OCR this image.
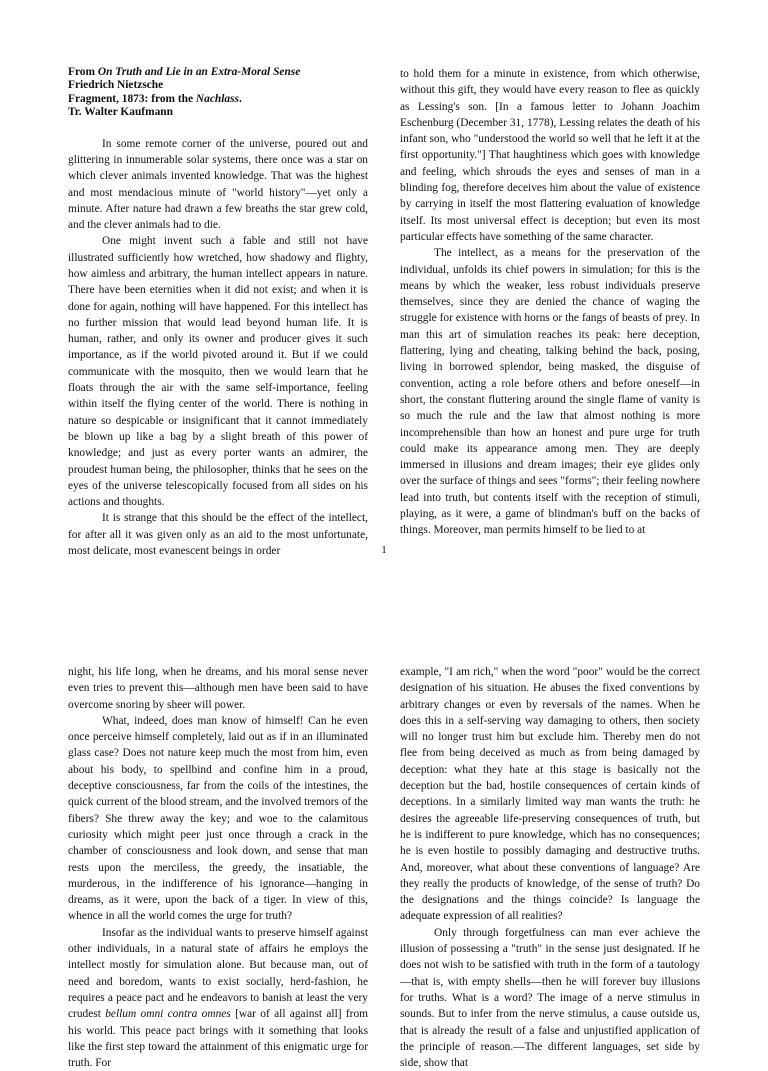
From On Truth and Lie in an Extra-Moral Sense
Friedrich Nietzsche
Fragment, 1873: from the Nachlass.
Tr. Walter Kaufmann

In some remote corner of the universe, poured out and glittering in innumerable solar systems, there once was a star on which clever animals invented knowledge. That was the highest and most mendacious minute of "world history"—yet only a minute. After nature had drawn a few breaths the star grew cold, and the clever animals had to die.

One might invent such a fable and still not have illustrated sufficiently how wretched, how shadowy and flighty, how aimless and arbitrary, the human intellect appears in nature. There have been eternities when it did not exist; and when it is done for again, nothing will have happened. For this intellect has no further mission that would lead beyond human life. It is human, rather, and only its owner and producer gives it such importance, as if the world pivoted around it. But if we could communicate with the mosquito, then we would learn that he floats through the air with the same self-importance, feeling within itself the flying center of the world. There is nothing in nature so despicable or insignificant that it cannot immediately be blown up like a bag by a slight breath of this power of knowledge; and just as every porter wants an admirer, the proudest human being, the philosopher, thinks that he sees on the eyes of the universe telescopically focused from all sides on his actions and thoughts.

It is strange that this should be the effect of the intellect, for after all it was given only as an aid to the most unfortunate, most delicate, most evanescent beings in order

to hold them for a minute in existence, from which otherwise, without this gift, they would have every reason to flee as quickly as Lessing's son. [In a famous letter to Johann Joachim Eschenburg (December 31, 1778), Lessing relates the death of his infant son, who "understood the world so well that he left it at the first opportunity."] That haughtiness which goes with knowledge and feeling, which shrouds the eyes and senses of man in a blinding fog, therefore deceives him about the value of existence by carrying in itself the most flattering evaluation of knowledge itself. Its most universal effect is deception; but even its most particular effects have something of the same character.

The intellect, as a means for the preservation of the individual, unfolds its chief powers in simulation; for this is the means by which the weaker, less robust individuals preserve themselves, since they are denied the chance of waging the struggle for existence with horns or the fangs of beasts of prey. In man this art of simulation reaches its peak: here deception, flattering, lying and cheating, talking behind the back, posing, living in borrowed splendor, being masked, the disguise of convention, acting a role before others and before oneself—in short, the constant fluttering around the single flame of vanity is so much the rule and the law that almost nothing is more incomprehensible than how an honest and pure urge for truth could make its appearance among men. They are deeply immersed in illusions and dream images; their eye glides only over the surface of things and sees "forms"; their feeling nowhere lead into truth, but contents itself with the reception of stimuli, playing, as it were, a game of blindman's buff on the backs of things. Moreover, man permits himself to be lied to at

1

night, his life long, when he dreams, and his moral sense never even tries to prevent this—although men have been said to have overcome snoring by sheer will power.

What, indeed, does man know of himself! Can he even once perceive himself completely, laid out as if in an illuminated glass case? Does not nature keep much the most from him, even about his body, to spellbind and confine him in a proud, deceptive consciousness, far from the coils of the intestines, the quick current of the blood stream, and the involved tremors of the fibers? She threw away the key; and woe to the calamitous curiosity which might peer just once through a crack in the chamber of consciousness and look down, and sense that man rests upon the merciless, the greedy, the insatiable, the murderous, in the indifference of his ignorance—hanging in dreams, as it were, upon the back of a tiger. In view of this, whence in all the world comes the urge for truth?

Insofar as the individual wants to preserve himself against other individuals, in a natural state of affairs he employs the intellect mostly for simulation alone. But because man, out of need and boredom, wants to exist socially, herd-fashion, he requires a peace pact and he endeavors to banish at least the very crudest bellum omni contra omnes [war of all against all] from his world. This peace pact brings with it something that looks like the first step toward the attainment of this enigmatic urge for truth. For

example, "I am rich," when the word "poor" would be the correct designation of his situation. He abuses the fixed conventions by arbitrary changes or even by reversals of the names. When he does this in a self-serving way damaging to others, then society will no longer trust him but exclude him. Thereby men do not flee from being deceived as much as from being damaged by deception: what they hate at this stage is basically not the deception but the bad, hostile consequences of certain kinds of deceptions. In a similarly limited way man wants the truth: he desires the agreeable life-preserving consequences of truth, but he is indifferent to pure knowledge, which has no consequences; he is even hostile to possibly damaging and destructive truths. And, moreover, what about these conventions of language? Are they really the products of knowledge, of the sense of truth? Do the designations and the things coincide? Is language the adequate expression of all realities?

Only through forgetfulness can man ever achieve the illusion of possessing a "truth" in the sense just designated. If he does not wish to be satisfied with truth in the form of a tautology—that is, with empty shells—then he will forever buy illusions for truths. What is a word? The image of a nerve stimulus in sounds. But to infer from the nerve stimulus, a cause outside us, that is already the result of a false and unjustified application of the principle of reason.—The different languages, set side by side, show that
